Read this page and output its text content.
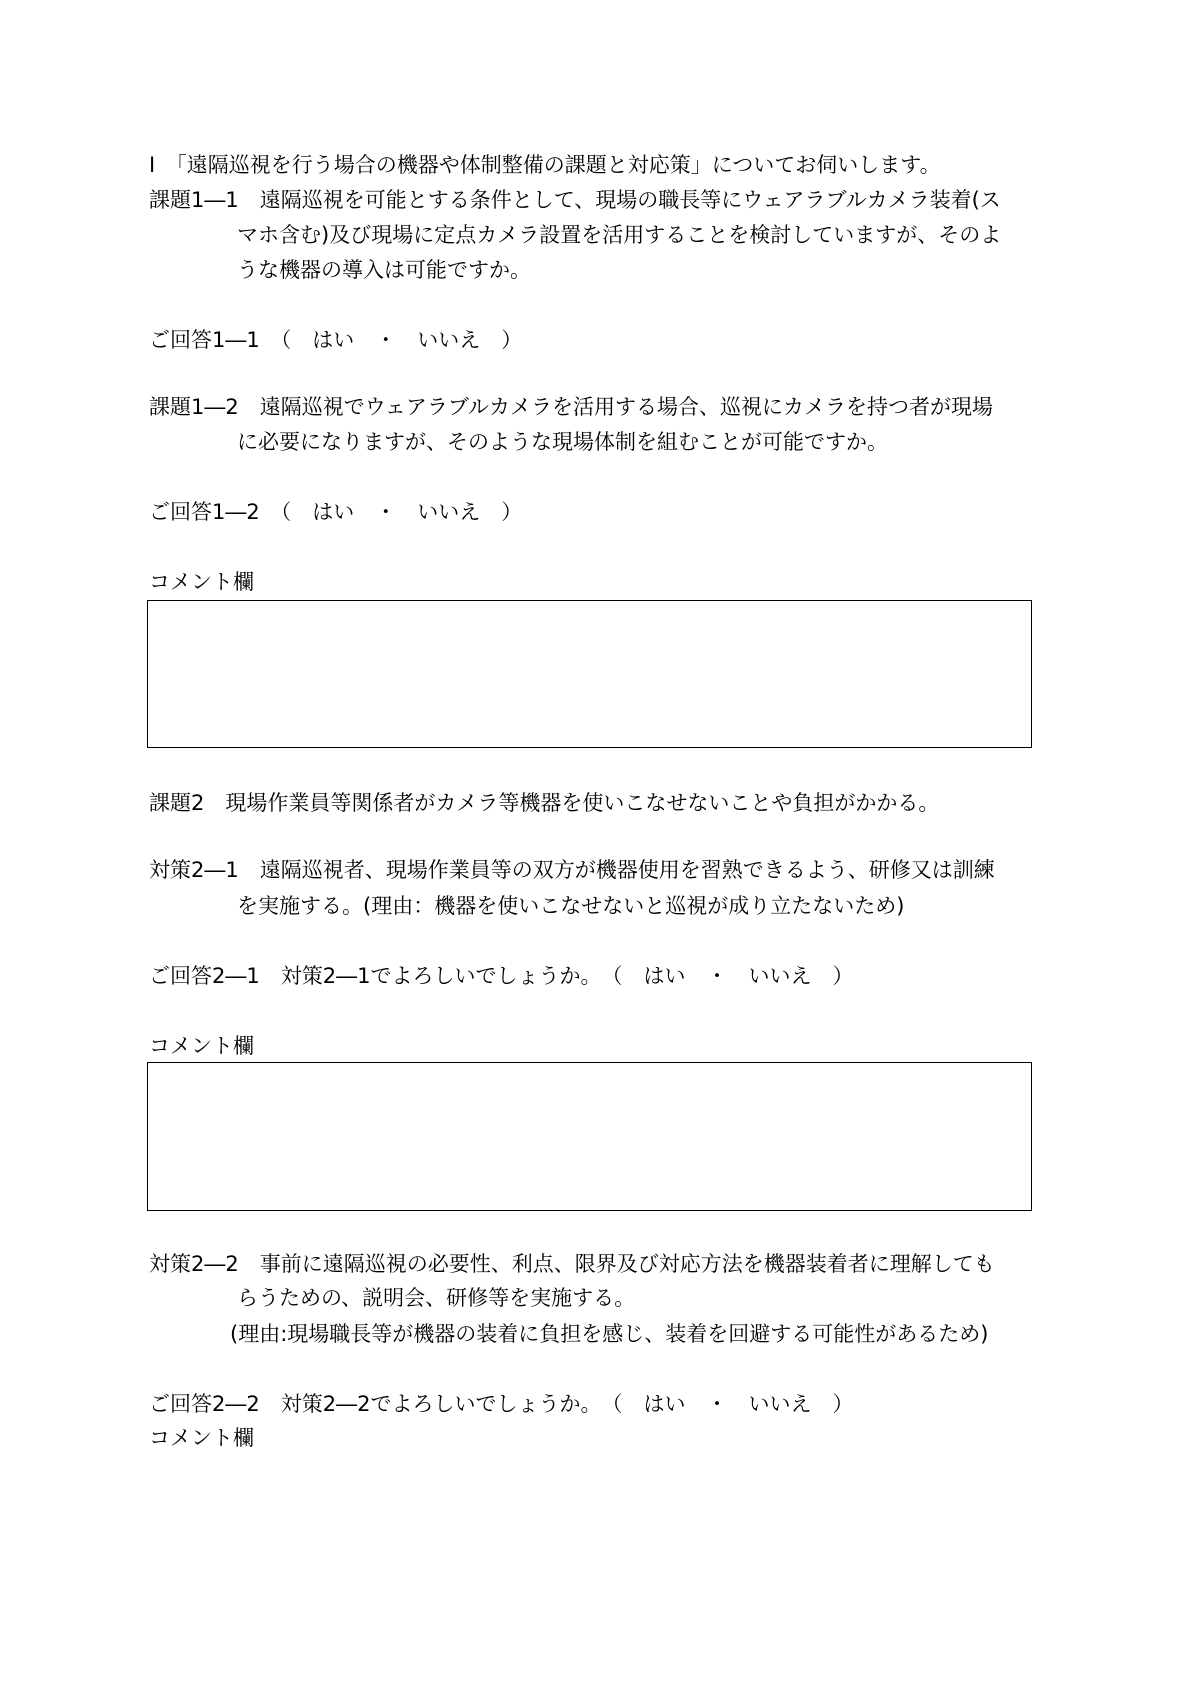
Ⅰ　「遠隔巡視を行う場合の機器や体制整備の課題と対応策」についてお伺いします。
課題1―1　遠隔巡視を可能とする条件として、現場の職長等にウェアラブルカメラ装着(ス
マホ含む)及び現場に定点カメラ設置を活用することを検討していますが、そのよ
うな機器の導入は可能ですか。
ご回答1―1　（　はい　・　いいえ　）
課題1―2　遠隔巡視でウェアラブルカメラを活用する場合、巡視にカメラを持つ者が現場
に必要になりますが、そのような現場体制を組むことが可能ですか。
ご回答1―2　（　はい　・　いいえ　）
コメント欄
課題2　現場作業員等関係者がカメラ等機器を使いこなせないことや負担がかかる。
対策2―1　遠隔巡視者、現場作業員等の双方が機器使用を習熟できるよう、研修又は訓練
を実施する。(理由：機器を使いこなせないと巡視が成り立たないため)
ご回答2―1　対策2―1でよろしいでしょうか。　（　はい　・　いいえ　）
コメント欄
対策2―2　事前に遠隔巡視の必要性、利点、限界及び対応方法を機器装着者に理解しても
らうための、説明会、研修等を実施する。
(理由:現場職長等が機器の装着に負担を感じ、装着を回避する可能性があるため)
ご回答2―2　対策2―2でよろしいでしょうか。　（　はい　・　いいえ　）
コメント欄
